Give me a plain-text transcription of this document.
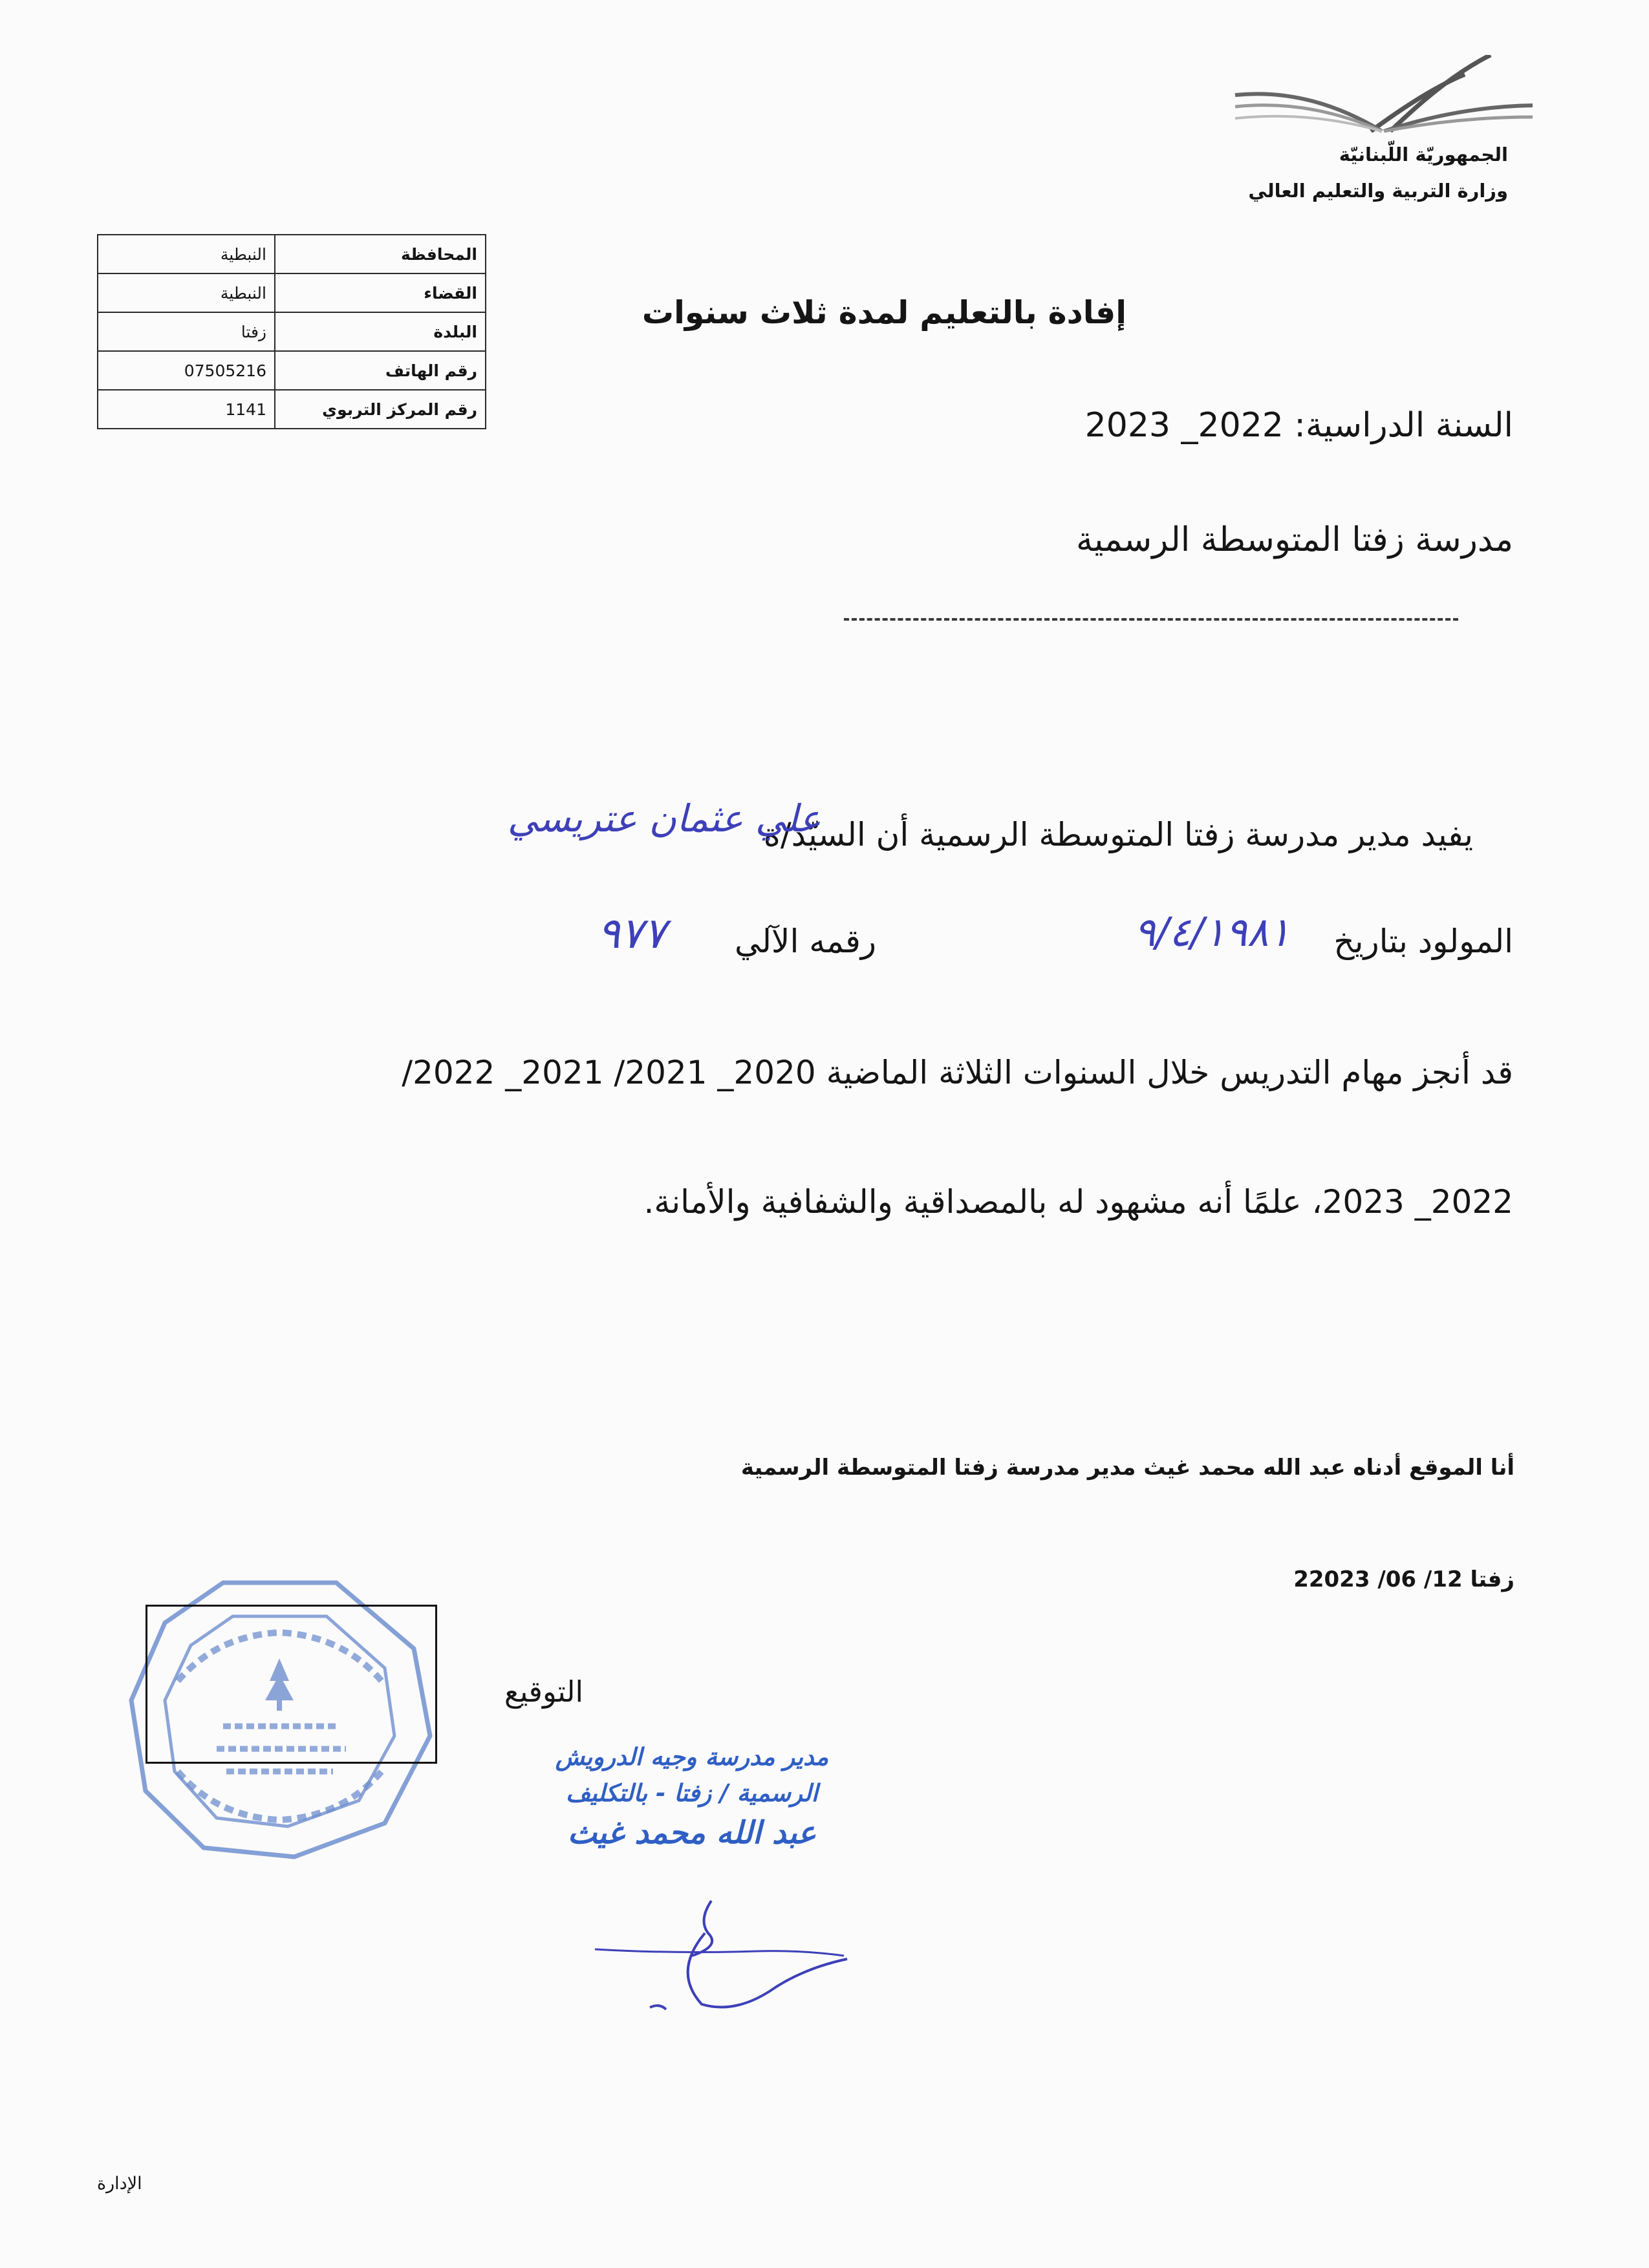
الجمهوريّة اللّبنانيّة
وزارة التربية والتعليم العالي
النبطية	المحافظة
النبطية	القضاء
زفتا	البلدة
07505216	رقم الهاتف
1141	رقم المركز التربوي
إفادة بالتعليم لمدة ثلاث سنوات
السنة الدراسية: 2022_ 2023
مدرسة زفتا المتوسطة الرسمية
يفيد مدير مدرسة زفتا المتوسطة الرسمية أن السيّد/ة
علي عثمان عتريسي
المولود بتاريخ
٩/٤/١٩٨١
رقمه الآلي
٩٧٧
قد أنجز مهام التدريس خلال السنوات الثلاثة الماضية 2020_ 2021/ 2021_ 2022/
2022_ 2023، علمًا أنه مشهود له بالمصداقية والشفافية والأمانة.
أنا الموقع أدناه عبد الله محمد غيث مدير مدرسة زفتا المتوسطة الرسمية
زفتا 12/ 06/ 22023
التوقيع
مدير مدرسة وجيه الدرويش
الرسمية / زفتا - بالتكليف
عبد الله محمد غيث
الإدارة
